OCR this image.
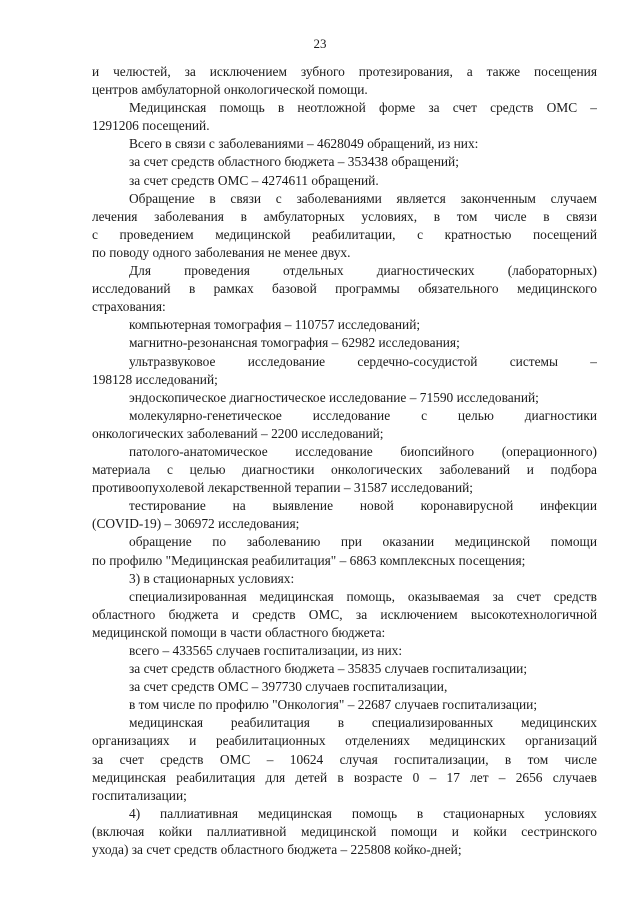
23
и челюстей, за исключением зубного протезирования, а также посещения
центров амбулаторной онкологической помощи.
Медицинская помощь в неотложной форме за счет средств ОМС –
1291206 посещений.
Всего в связи с заболеваниями – 4628049 обращений, из них:
за счет средств областного бюджета – 353438 обращений;
за счет средств ОМС – 4274611 обращений.
Обращение в связи с заболеваниями является законченным случаем
лечения заболевания в амбулаторных условиях, в том числе в связи
с проведением медицинской реабилитации, с кратностью посещений
по поводу одного заболевания не менее двух.
Для проведения отдельных диагностических (лабораторных)
исследований в рамках базовой программы обязательного медицинского
страхования:
компьютерная томография – 110757 исследований;
магнитно-резонансная томография – 62982 исследования;
ультразвуковое исследование сердечно-сосудистой системы –
198128 исследований;
эндоскопическое диагностическое исследование – 71590 исследований;
молекулярно-генетическое исследование с целью диагностики
онкологических заболеваний – 2200 исследований;
патолого-анатомическое исследование биопсийного (операционного)
материала с целью диагностики онкологических заболеваний и подбора
противоопухолевой лекарственной терапии – 31587 исследований;
тестирование на выявление новой коронавирусной инфекции
(COVID-19) – 306972 исследования;
обращение по заболеванию при оказании медицинской помощи
по профилю "Медицинская реабилитация" – 6863 комплексных посещения;
3) в стационарных условиях:
специализированная медицинская помощь, оказываемая за счет средств
областного бюджета и средств ОМС, за исключением высокотехнологичной
медицинской помощи в части областного бюджета:
всего – 433565 случаев госпитализации, из них:
за счет средств областного бюджета – 35835 случаев госпитализации;
за счет средств ОМС – 397730 случаев госпитализации,
в том числе по профилю "Онкология" – 22687 случаев госпитализации;
медицинская реабилитация в специализированных медицинских
организациях и реабилитационных отделениях медицинских организаций
за счет средств ОМС – 10624 случая госпитализации, в том числе
медицинская реабилитация для детей в возрасте 0 – 17 лет – 2656 случаев
госпитализации;
4) паллиативная медицинская помощь в стационарных условиях
(включая койки паллиативной медицинской помощи и койки сестринского
ухода) за счет средств областного бюджета – 225808 койко-дней;
